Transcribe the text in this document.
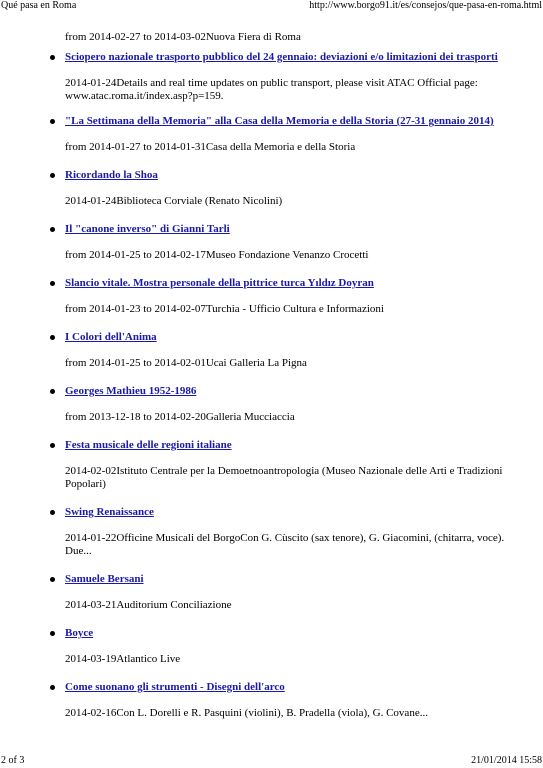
Qué pasa en Roma	http://www.borgo91.it/es/consejos/que-pasa-en-roma.html

from 2014-02-27 to 2014-03-02Nuova Fiera di Roma

Sciopero nazionale trasporto pubblico del 24 gennaio: deviazioni e/o limitazioni dei trasporti

2014-01-24Details and real time updates on public transport, please visit ATAC Official page: www.atac.roma.it/index.asp?p=159.

"La Settimana della Memoria" alla Casa della Memoria e della Storia (27-31 gennaio 2014)

from 2014-01-27 to 2014-01-31Casa della Memoria e della Storia

Ricordando la Shoa

2014-01-24Biblioteca Corviale (Renato Nicolini)

Il "canone inverso" di Gianni Tarli

from 2014-01-25 to 2014-02-17Museo Fondazione Venanzo Crocetti

Slancio vitale. Mostra personale della pittrice turca Yıldız Doyran

from 2014-01-23 to 2014-02-07Turchia - Ufficio Cultura e Informazioni

I Colori dell'Anima

from 2014-01-25 to 2014-02-01Ucai Galleria La Pigna

Georges Mathieu 1952-1986

from 2013-12-18 to 2014-02-20Galleria Mucciaccia

Festa musicale delle regioni italiane

2014-02-02Istituto Centrale per la Demoetnoantropologia (Museo Nazionale delle Arti e Tradizioni Popolari)

Swing Renaissance

2014-01-22Officine Musicali del BorgoCon G. Cùscito (sax tenore), G. Giacomini, (chitarra, voce). Due...

Samuele Bersani

2014-03-21Auditorium Conciliazione

Boyce

2014-03-19Atlantico Live

Come suonano gli strumenti - Disegni dell'arco

2014-02-16Con L. Dorelli e R. Pasquini (violini), B. Pradella (viola), G. Covane...

2 of 3	21/01/2014 15:58
